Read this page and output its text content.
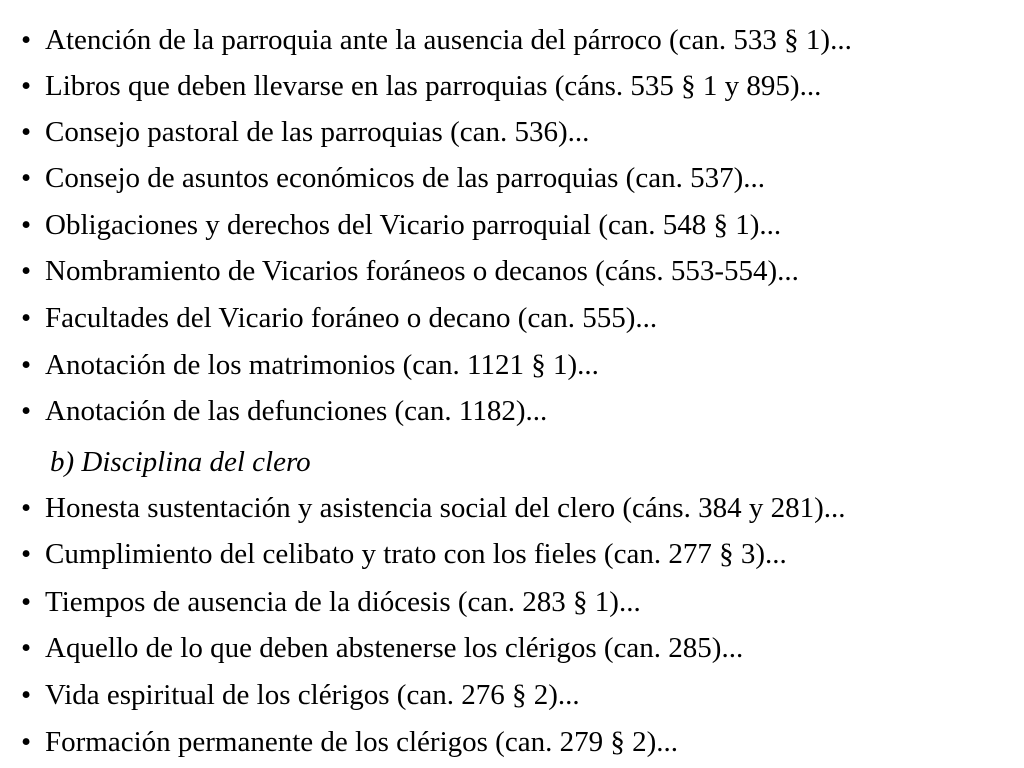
• Atención de la parroquia ante la ausencia del párroco (can. 533 § 1)...
• Libros que deben llevarse en las parroquias (cáns. 535 § 1 y 895)...
• Consejo pastoral de las parroquias (can. 536)...
• Consejo de asuntos económicos de las parroquias (can. 537)...
• Obligaciones y derechos del Vicario parroquial (can. 548 § 1)...
• Nombramiento de Vicarios foráneos o decanos (cáns. 553-554)...
• Facultades del Vicario foráneo o decano (can. 555)...
• Anotación de los matrimonios (can. 1121 § 1)...
• Anotación de las defunciones (can. 1182)...
b) Disciplina del clero
• Honesta sustentación y asistencia social del clero (cáns. 384 y 281)...
• Cumplimiento del celibato y trato con los fieles (can. 277 § 3)...
• Tiempos de ausencia de la diócesis (can. 283 § 1)...
• Aquello de lo que deben abstenerse los clérigos (can. 285)...
• Vida espiritual de los clérigos (can. 276 § 2)...
• Formación permanente de los clérigos (can. 279 § 2)...
